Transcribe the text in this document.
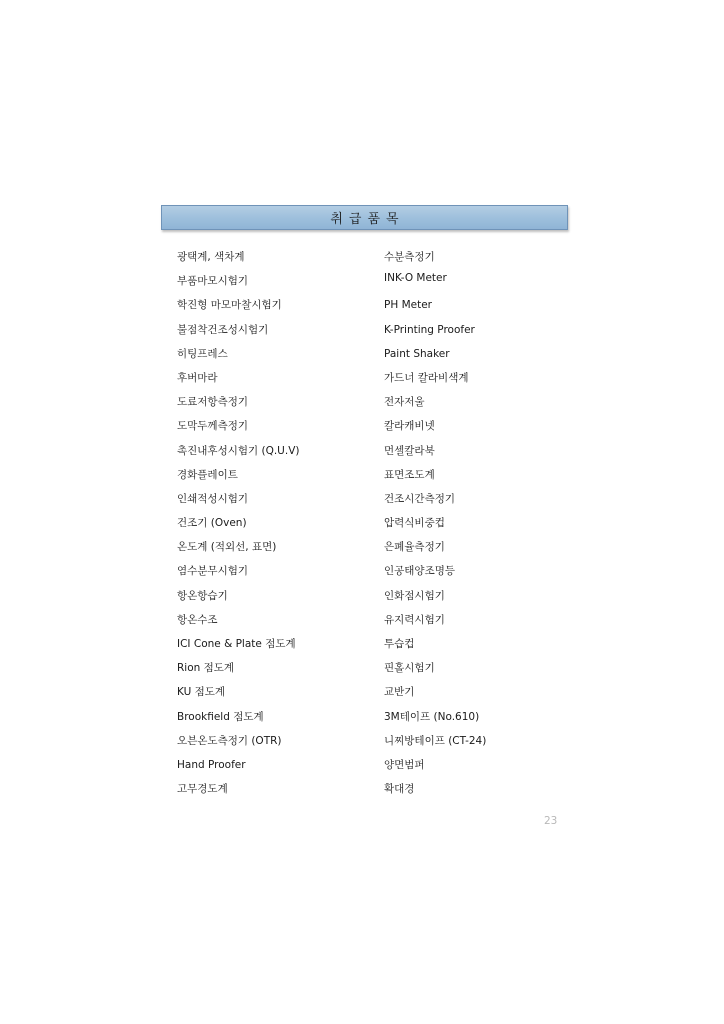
취급품목
광택계, 색차계
부품마모시험기
학진형 마모마찰시험기
불점착건조성시험기
히팅프레스
후버마라
도료저항측정기
도막두께측정기
촉진내후성시험기 (Q.U.V)
경화플레이트
인쇄적성시험기
건조기 (Oven)
온도계 (적외선, 표면)
염수분무시험기
항온항습기
항온수조
ICI Cone & Plate 점도계
Rion 점도계
KU 점도계
Brookfield 점도계
오븐온도측정기 (OTR)
Hand Proofer
고무경도계
수분측정기
INK-O Meter
PH Meter
K-Printing Proofer
Paint Shaker
가드너 칼라비색계
전자저울
칼라캐비넷
먼셀칼라북
표면조도계
건조시간측정기
압력식비중컵
은폐율측정기
인공태양조명등
인화점시험기
유지력시험기
투습컵
핀홀시험기
교반기
3M테이프 (No.610)
니찌방테이프 (CT-24)
양면범퍼
확대경
23
